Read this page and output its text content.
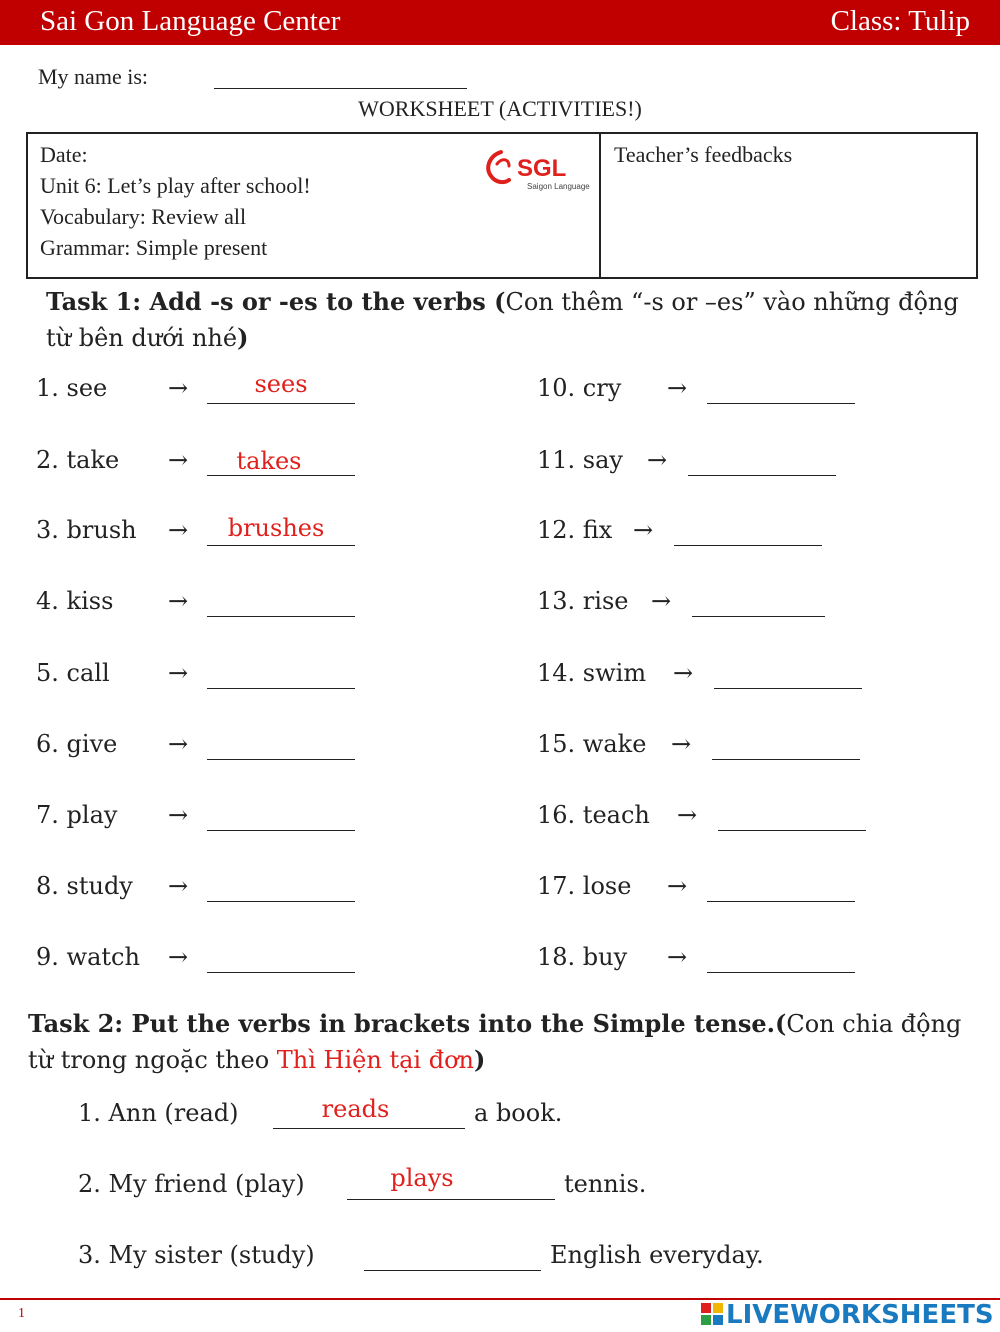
Sai Gon Language Center	Class: Tulip
My name is:
WORKSHEET (ACTIVITIES!)
Date:
Unit 6: Let’s play after school!
Vocabulary: Review all
Grammar: Simple present
SGL
Saigon Language
Teacher’s feedbacks
Task 1: Add -s or -es to the verbs (Con thêm “-s or –es” vào những động từ bên dưới nhé)
1. see	→	sees
2. take →	takes
3. brush →	brushes
4. kiss →
5. call →
6. give →
7. play →
8. study →
9. watch →
10. cry →
11. say →
12. fix →
13. rise →
14. swim →
15. wake →
16. teach →
17. lose →
18. buy →
Task 2: Put the verbs in brackets into the Simple tense.(Con chia động từ trong ngoặc theo Thì Hiện tại đơn)
1. Ann (read)	reads	a book.
2. My friend (play)	plays	tennis.
3. My sister (study)	English everyday.
1	LIVEWORKSHEETS
